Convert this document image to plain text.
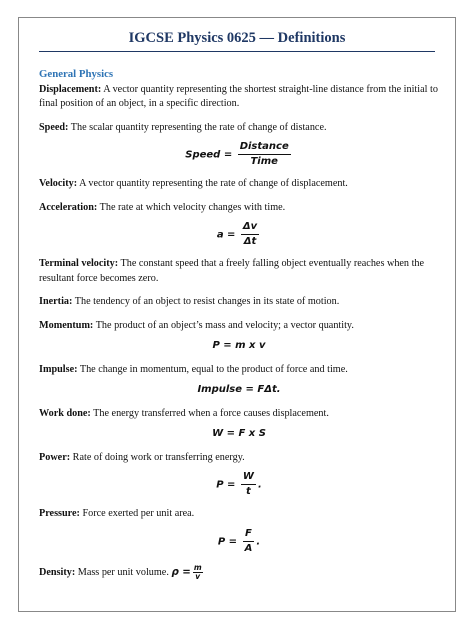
IGCSE Physics 0625 — Definitions
General Physics

Displacement: A vector quantity representing the shortest straight-line distance from the initial to final position of an object, in a specific direction.

Speed: The scalar quantity representing the rate of change of distance.

Speed = $\frac{\text{Distance}}{\text{Time}}$

Velocity: A vector quantity representing the rate of change of displacement.

Acceleration: The rate at which velocity changes with time.

$a = \frac{\Delta v}{\Delta t}$

Terminal velocity: The constant speed that a freely falling object eventually reaches when the resultant force becomes zero.

Inertia: The tendency of an object to resist changes in its state of motion.

Momentum: The product of an object’s mass and velocity; a vector quantity.

P = m x v

Impulse: The change in momentum, equal to the product of force and time.

Impulse = FΔt.

Work done: The energy transferred when a force causes displacement.

W = F x S

Power: Rate of doing work or transferring energy.

$P = \frac{W}{t}$ .

Pressure: Force exerted per unit area.

$P = \frac{F}{A}$ .

Density: Mass per unit volume. $\rho = \frac{m}{v}$
